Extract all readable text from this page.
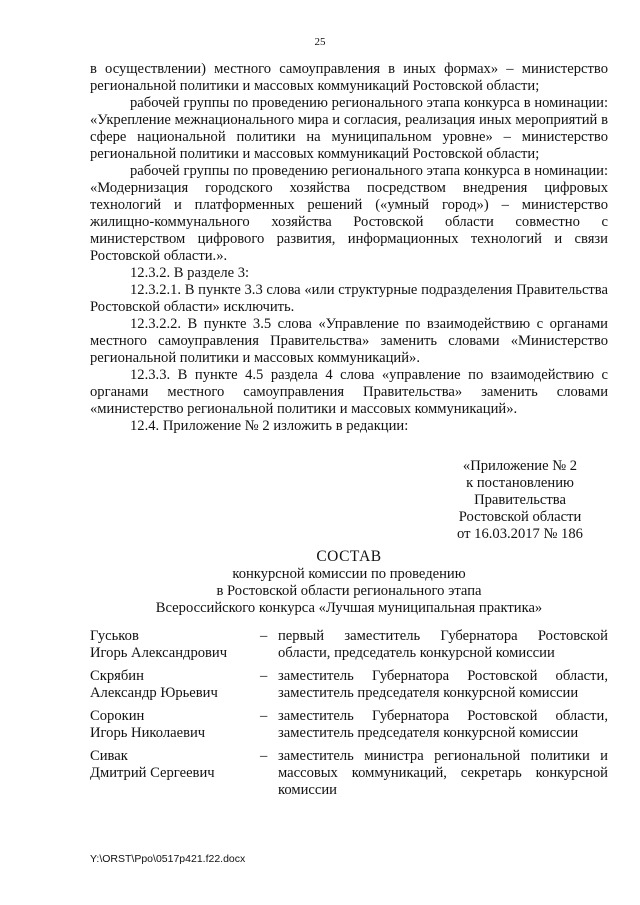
25

в осуществлении) местного самоуправления в иных формах» – министерство региональной политики и массовых коммуникаций Ростовской области;

рабочей группы по проведению регионального этапа конкурса в номинации: «Укрепление межнационального мира и согласия, реализация иных мероприятий в сфере национальной политики на муниципальном уровне» – министерство региональной политики и массовых коммуникаций Ростовской области;

рабочей группы по проведению регионального этапа конкурса в номинации: «Модернизация городского хозяйства посредством внедрения цифровых технологий и платформенных решений («умный город») – министерство жилищно-коммунального хозяйства Ростовской области совместно с министерством цифрового развития, информационных технологий и связи Ростовской области.».

12.3.2. В разделе 3:

12.3.2.1. В пункте 3.3 слова «или структурные подразделения Правительства Ростовской области» исключить.

12.3.2.2. В пункте 3.5 слова «Управление по взаимодействию с органами местного самоуправления Правительства» заменить словами «Министерство региональной политики и массовых коммуникаций».

12.3.3. В пункте 4.5 раздела 4 слова «управление по взаимодействию с органами местного самоуправления Правительства» заменить словами «министерство региональной политики и массовых коммуникаций».

12.4. Приложение № 2 изложить в редакции:

«Приложение № 2
к постановлению
Правительства
Ростовской области
от 16.03.2017 № 186
СОСТАВ
конкурсной комиссии по проведению
в Ростовской области регионального этапа
Всероссийского конкурса «Лучшая муниципальная практика»
Гуськов
Игорь Александрович
– первый заместитель Губернатора Ростовской области, председатель конкурсной комиссии
Скрябин
Александр Юрьевич
– заместитель Губернатора Ростовской области, заместитель председателя конкурсной комиссии
Сорокин
Игорь Николаевич
– заместитель Губернатора Ростовской области, заместитель председателя конкурсной комиссии
Сивак
Дмитрий Сергеевич
– заместитель министра региональной политики и массовых коммуникаций, секретарь конкурсной комиссии
Y:\ORST\Ppo\0517p421.f22.docx
